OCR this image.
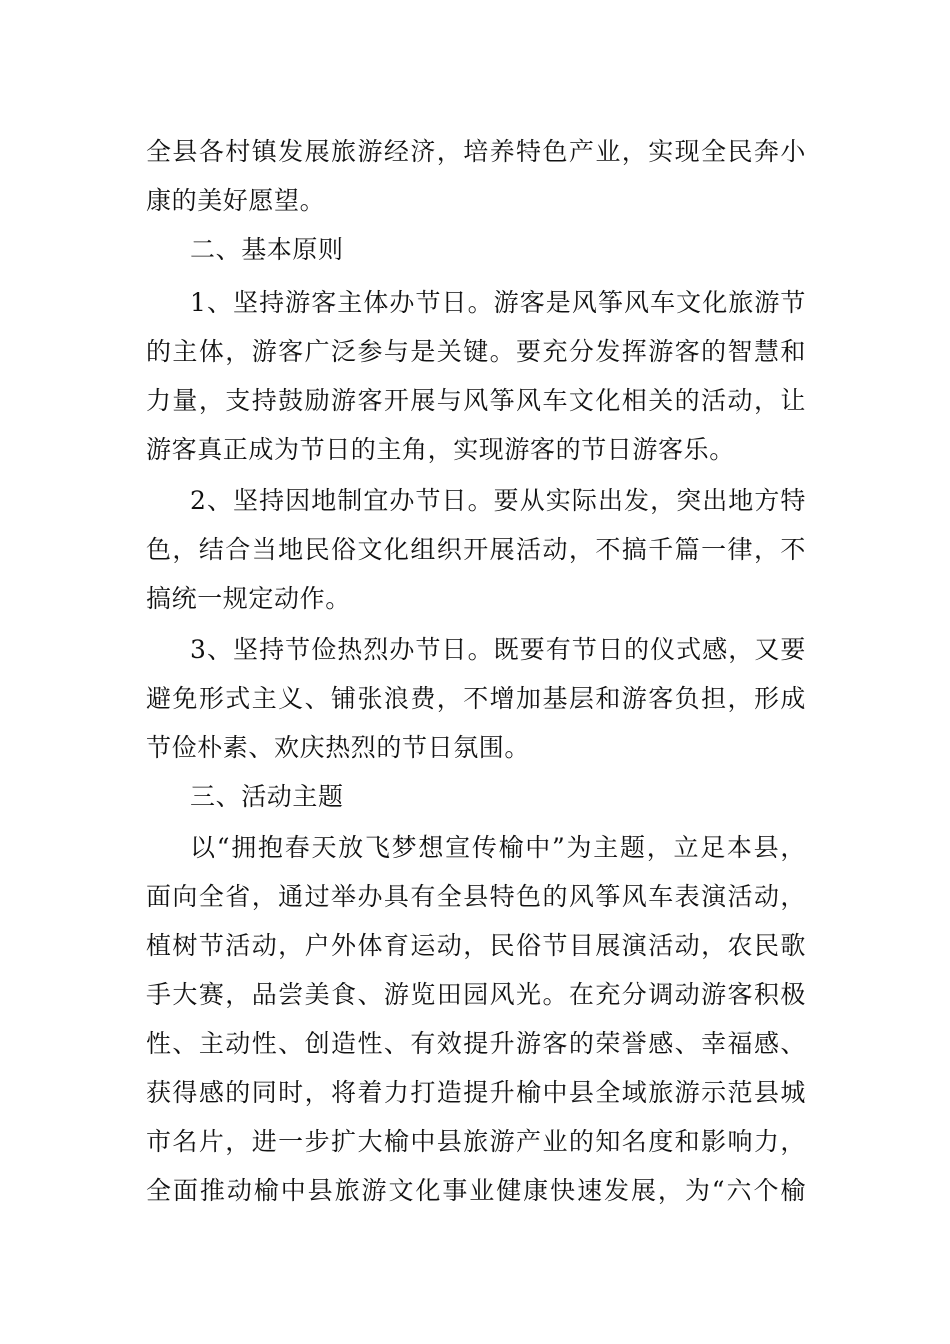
全县各村镇发展旅游经济，培养特色产业，实现全民奔小
康的美好愿望。
二、基本原则
1、坚持游客主体办节日。游客是风筝风车文化旅游节
的主体，游客广泛参与是关键。要充分发挥游客的智慧和
力量，支持鼓励游客开展与风筝风车文化相关的活动，让
游客真正成为节日的主角，实现游客的节日游客乐。
2、坚持因地制宜办节日。要从实际出发，突出地方特
色，结合当地民俗文化组织开展活动，不搞千篇一律，不
搞统一规定动作。
3、坚持节俭热烈办节日。既要有节日的仪式感，又要
避免形式主义、铺张浪费，不增加基层和游客负担，形成
节俭朴素、欢庆热烈的节日氛围。
三、活动主题
以“拥抱春天放飞梦想宣传榆中”为主题，立足本县，
面向全省，通过举办具有全县特色的风筝风车表演活动，
植树节活动，户外体育运动，民俗节目展演活动，农民歌
手大赛，品尝美食、游览田园风光。在充分调动游客积极
性、主动性、创造性、有效提升游客的荣誉感、幸福感、
获得感的同时，将着力打造提升榆中县全域旅游示范县城
市名片，进一步扩大榆中县旅游产业的知名度和影响力，
全面推动榆中县旅游文化事业健康快速发展，为“六个榆
